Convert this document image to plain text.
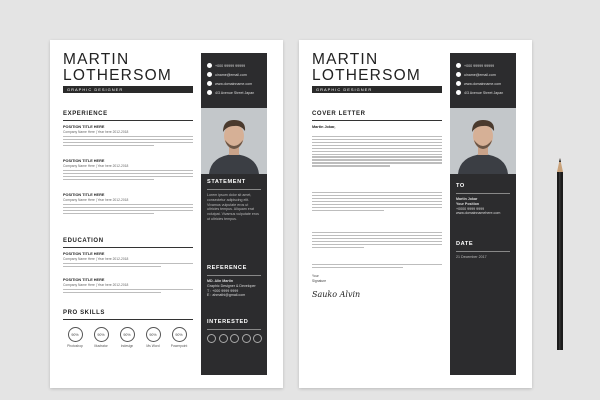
MARTIN
LOTHERSOM
GRAPHIC DESIGNER
EXPERIENCE
POSITION TITLE HERE
Company Name Here | Year here 2012-2018
POSITION TITLE HERE
Company Name Here | Year here 2012-2018
POSITION TITLE HERE
Company Name Here | Year here 2012-2018
EDUCATION
POSITION TITLE HERE
Company Name Here | Year here 2012-2018
POSITION TITLE HERE
Company Name Here | Year here 2012-2018
PRO SKILLS
90%
Photoshop
90%
Illustrator
90%
Indesign
90%
Ms Word
90%
Powerpoint
+000 99999 99999
uiname@email.com
www.domainname.com
4/3 Avenue Street Japan
STATEMENT
Lorem ipsum dolor sit amet, consectetur adipiscing elit. Vivamus vulputate eros ut ultricies tempus. Aliquam erat volutpat. Vivamus vulputate eros ut ultricies tempus.
REFERENCE
MD. Alin Martin
Graphic Designer & Developer
T : +000 9999 9999
E : ahmathi@gmail.com
INTERESTED
MARTIN
LOTHERSOM
GRAPHIC DESIGNER
COVER LETTER
Martin Jokar,
Your
Signature
Sauko Alvin
+000 99999 99999
uiname@email.com
www.domainname.com
4/3 Avenue Street Japan
TO
Martin Jokar
Your Position
+0000 9999 9999
www.domainnamehere.com
DATE
21 December 2017
